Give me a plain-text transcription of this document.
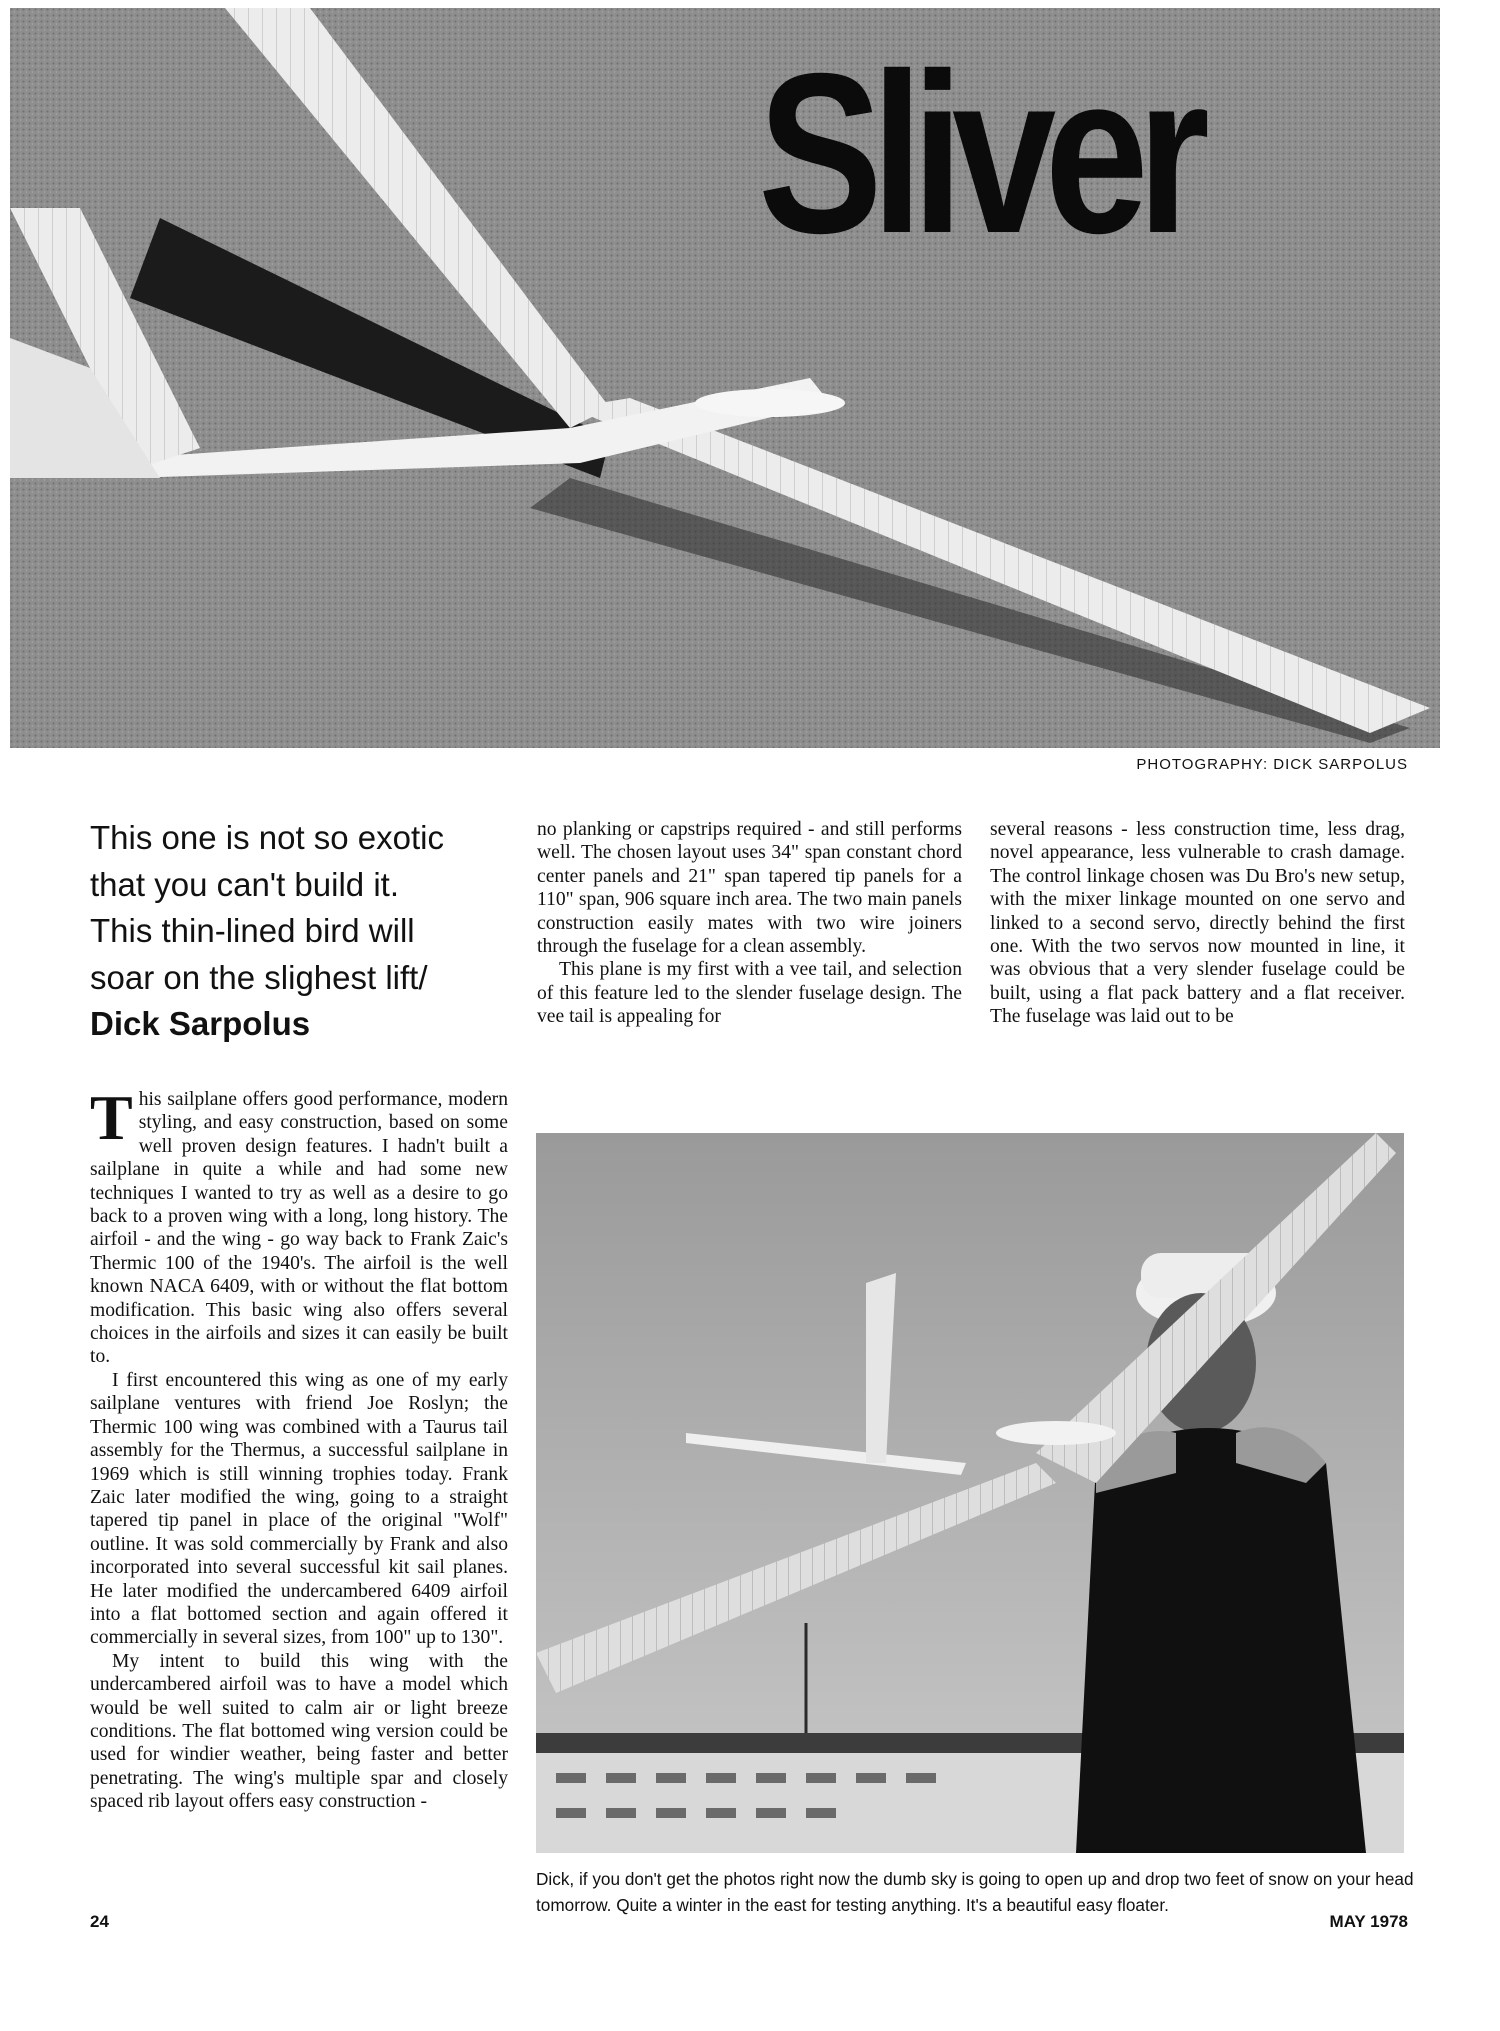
Sliver
PHOTOGRAPHY: DICK SARPOLUS
This one is not so exotic that you can't build it. This thin-lined bird will soar on the slighest lift/
Dick Sarpolus

no planking or capstrips required - and still performs well. The chosen layout uses 34" span constant chord center panels and 21" span tapered tip panels for a 110" span, 906 square inch area. The two main panels construction easily mates with two wire joiners through the fuselage for a clean assembly.

This plane is my first with a vee tail, and selection of this feature led to the slender fuselage design. The vee tail is appealing for

several reasons - less construction time, less drag, novel appearance, less vulnerable to crash damage. The control linkage chosen was Du Bro's new setup, with the mixer linkage mounted on one servo and linked to a second servo, directly behind the first one. With the two servos now mounted in line, it was obvious that a very slender fuselage could be built, using a flat pack battery and a flat receiver. The fuselage was laid out to be

This sailplane offers good performance, modern styling, and easy construction, based on some well proven design features. I hadn't built a sailplane in quite a while and had some new techniques I wanted to try as well as a desire to go back to a proven wing with a long, long history. The airfoil - and the wing - go way back to Frank Zaic's Thermic 100 of the 1940's. The airfoil is the well known NACA 6409, with or without the flat bottom modification. This basic wing also offers several choices in the airfoils and sizes it can easily be built to.

I first encountered this wing as one of my early sailplane ventures with friend Joe Roslyn; the Thermic 100 wing was combined with a Taurus tail assembly for the Thermus, a successful sailplane in 1969 which is still winning trophies today. Frank Zaic later modified the wing, going to a straight tapered tip panel in place of the original "Wolf" outline. It was sold commercially by Frank and also incorporated into several successful kit sail planes. He later modified the undercambered 6409 airfoil into a flat bottomed section and again offered it commercially in several sizes, from 100" up to 130".

My intent to build this wing with the undercambered airfoil was to have a model which would be well suited to calm air or light breeze conditions. The flat bottomed wing version could be used for windier weather, being faster and better penetrating. The wing's multiple spar and closely spaced rib layout offers easy construction -

Dick, if you don't get the photos right now the dumb sky is going to open up and drop two feet of snow on your head tomorrow. Quite a winter in the east for testing anything. It's a beautiful easy floater.
24	MAY 1978
